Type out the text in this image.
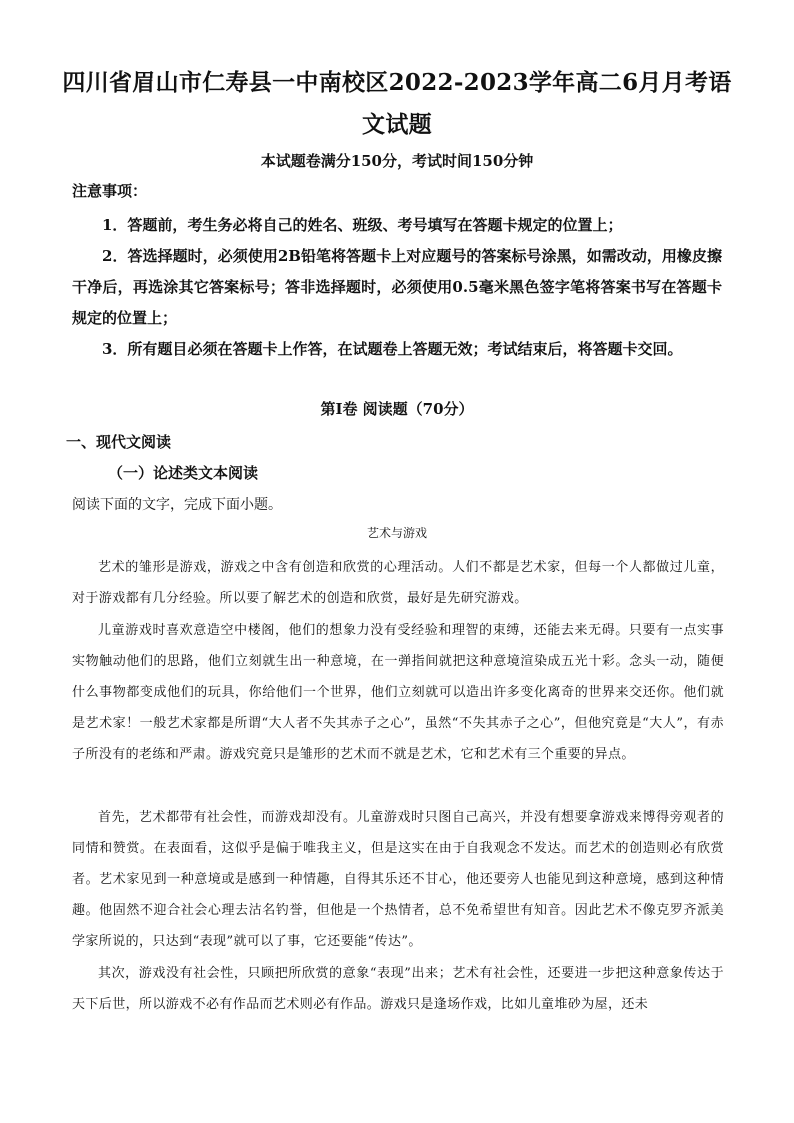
四川省眉山市仁寿县一中南校区2022-2023学年高二6月月考语文试题
本试题卷满分150分，考试时间150分钟
注意事项：
1．答题前，考生务必将自己的姓名、班级、考号填写在答题卡规定的位置上；
2．答选择题时，必须使用2B铅笔将答题卡上对应题号的答案标号涂黑，如需改动，用橡皮擦干净后，再选涂其它答案标号；答非选择题时，必须使用0.5毫米黑色签字笔将答案书写在答题卡规定的位置上；
3．所有题目必须在答题卡上作答，在试题卷上答题无效；考试结束后，将答题卡交回。
第Ⅰ卷 阅读题（70分）
一、现代文阅读
（一）论述类文本阅读
阅读下面的文字，完成下面小题。
艺术与游戏
艺术的雏形是游戏，游戏之中含有创造和欣赏的心理活动。人们不都是艺术家，但每一个人都做过儿童，对于游戏都有几分经验。所以要了解艺术的创造和欣赏，最好是先研究游戏。
儿童游戏时喜欢意造空中楼阁，他们的想象力没有受经验和理智的束缚，还能去来无碍。只要有一点实事实物触动他们的思路，他们立刻就生出一种意境，在一弹指间就把这种意境渲染成五光十彩。念头一动，随便什么事物都变成他们的玩具，你给他们一个世界，他们立刻就可以造出许多变化离奇的世界来交还你。他们就是艺术家！一般艺术家都是所谓“大人者不失其赤子之心”，虽然“不失其赤子之心”，但他究竟是“大人”，有赤子所没有的老练和严肃。游戏究竟只是雏形的艺术而不就是艺术，它和艺术有三个重要的异点。
首先，艺术都带有社会性，而游戏却没有。儿童游戏时只图自己高兴，并没有想要拿游戏来博得旁观者的同情和赞赏。在表面看，这似乎是偏于唯我主义，但是这实在由于自我观念不发达。而艺术的创造则必有欣赏者。艺术家见到一种意境或是感到一种情趣，自得其乐还不甘心，他还要旁人也能见到这种意境，感到这种情趣。他固然不迎合社会心理去沽名钓誉，但他是一个热情者，总不免希望世有知音。因此艺术不像克罗齐派美学家所说的，只达到“表现”就可以了事，它还要能“传达”。
其次，游戏没有社会性，只顾把所欣赏的意象“表现”出来；艺术有社会性，还要进一步把这种意象传达于天下后世，所以游戏不必有作品而艺术则必有作品。游戏只是逢场作戏，比如儿童堆砂为屋，还未
